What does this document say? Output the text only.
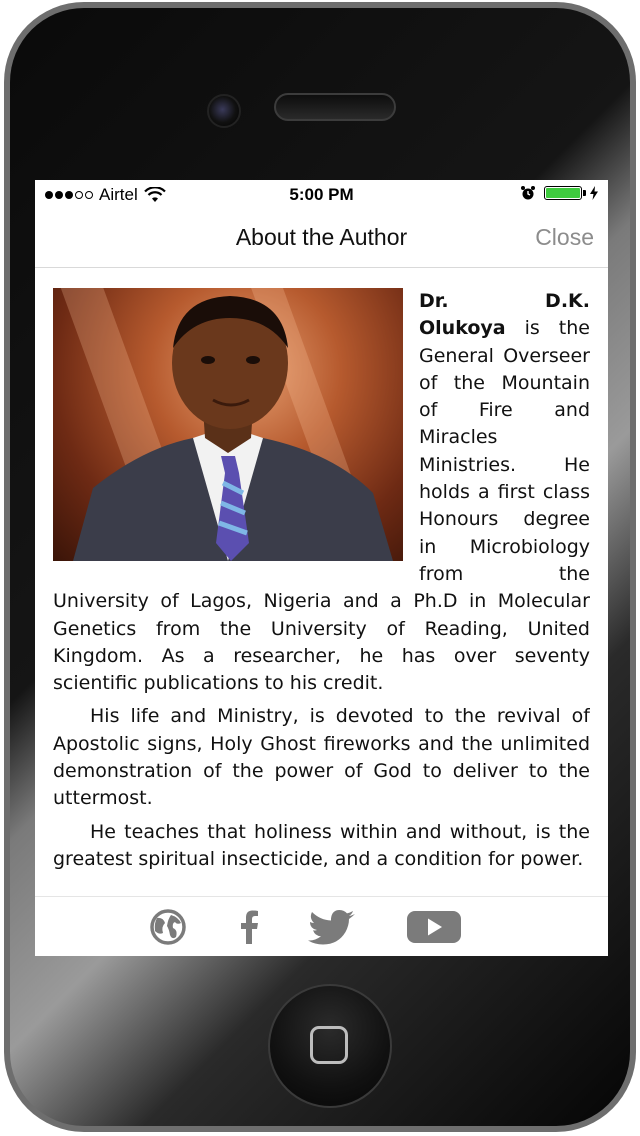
Airtel	5:00 PM
About the Author	Close

Dr. D.K. Olukoya is the General Overseer of the Mountain of Fire and Miracles Ministries. He holds a first class Honours degree in Microbiology from the University of Lagos, Nigeria and a Ph.D in Molecular Genetics from the University of Reading, United Kingdom. As a researcher, he has over seventy scientific publications to his credit.

His life and Ministry, is devoted to the revival of Apostolic signs, Holy Ghost fireworks and the unlimited demonstration of the power of God to deliver to the uttermost.

He teaches that holiness within and without, is the greatest spiritual insecticide, and a condition for power.
